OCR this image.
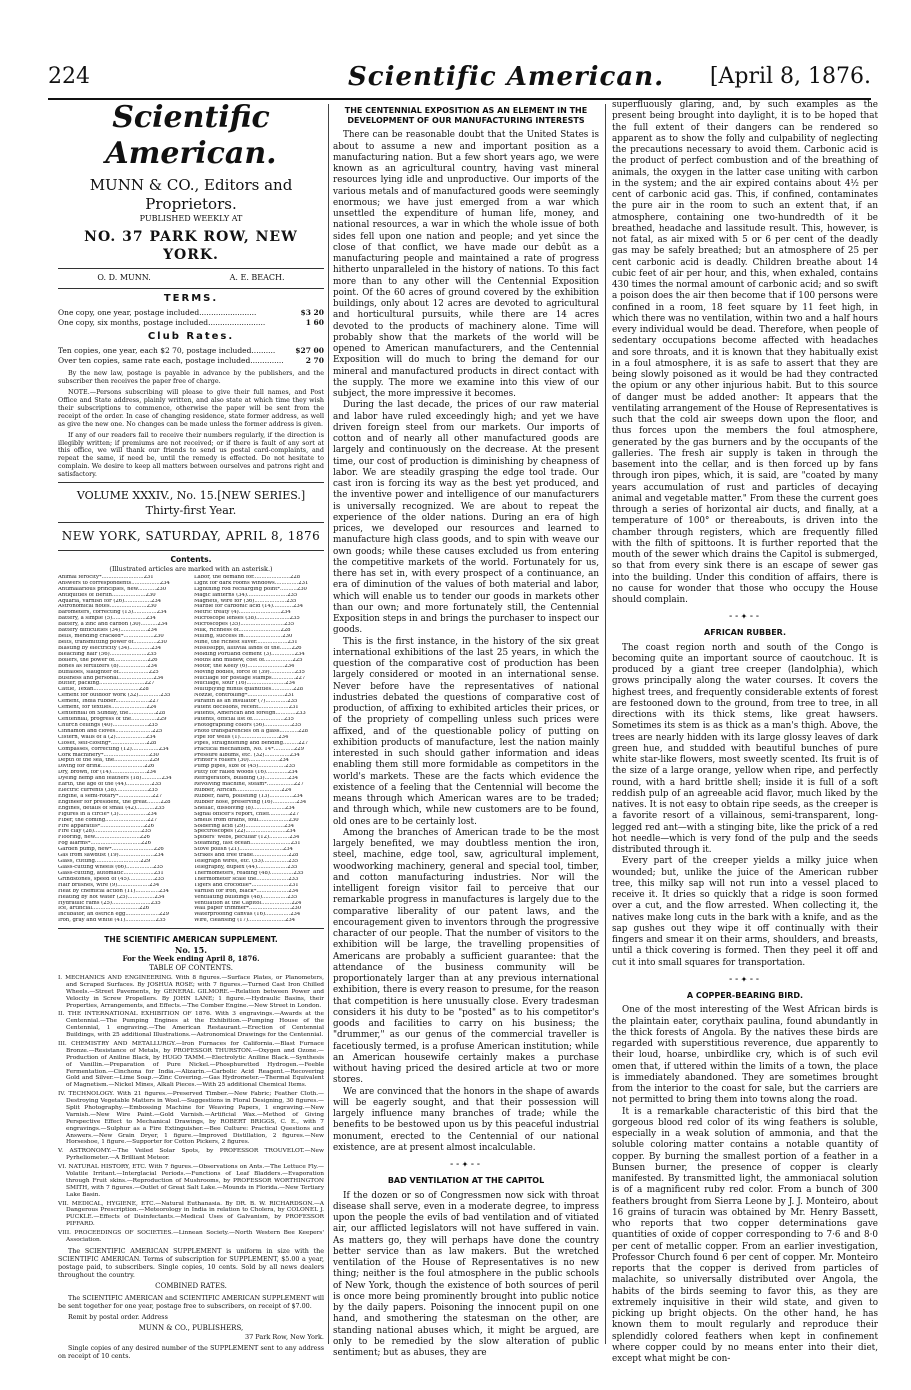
224	Scientific American. [April 8, 1876.
Scientific American.
MUNN & CO., Editors and Proprietors.
PUBLISHED WEEKLY AT
NO. 37 PARK ROW, NEW YORK.
O. D. MUNN.	A. E. BEACH.
TERMS.
One copy, one year, postage included........................	$3 20
One copy, six months, postage included........................	1 60
Club Rates.
Ten copies, one year, each $2 70, postage included..........	$27 00
Over ten copies, same rate each, postage included..............	2 70
By the new law, postage is payable in advance by the publishers, and the subscriber then receives the paper free of charge.
NOTE.—Persons subscribing will please to give their full names, and Post Office and State address, plainly written, and also state at which time they wish their subscriptions to commence, otherwise the paper will be sent from the receipt of the order. In case of changing residence, state former address, as well as give the new one. No changes can be made unless the former address is given.
If any of our readers fail to receive their numbers regularly, if the direction is illegibly written; if premiums are not received; or if there is fault of any sort at this office, we will thank our friends to send us postal card-complaints, and repeat the same, if need be, until the remedy is effected. Do not hesitate to complain. We desire to keep all matters between ourselves and patrons right and satisfactory.
VOLUME XXXIV., No. 15.[NEW SERIES.] Thirty-first Year.
NEW YORK, SATURDAY, APRIL 8, 1876
Contents.
(Illustrated articles are marked with an asterisk.)
Animal ferocity*.........................231
Answers to correspondents.................234
Antimalarious principles, new...........230
Antiquities of Berlin....................230
Aquaria, varnish for (26)................234
Astronomical notes......................230
Barometers, correcting (13)..............234
Battery, a simple (5)....................234
Battery, a zinc and carbon (30)..........234
Battery difficulties (34)................234
Bells, mending cracked*..................230
Belts, transmitting power of..............230
Blasting by electricity (34).............234
Bleaching hair (56)......................235
Boilers, the power of....................226
Bones as fertilizers (8).................234
Buffaloes, slaughter of..................225
Business and personal.....................234
Butter, packing...........................227
Cattle, Texan...........................228
Cement for outdoor work (32).............235
Cement, India rubber....................227
Cement, for textiles.....................224
Centennial on Sunday, the................228
Centennial, progress of the...............229
Church ceilings (40).....................235
Cinnamon and cloves......................225
Cistern, walls of a (2)..................234
Closet, self-closing*.....................228
Compasses, correcting (12)................234
Cork machinery*...........................230
Depth of the sea, the.....................229
Diving for drink..........................226
Dry, brown, for (14).....................234
Dyeing hemp and feathers (18)............234
Earth, the age of the (44)...............235
Electric currents (38)...................235
Engine, a semi-rotary*....................227
Engineer for president, the great........228
Engines, details of small (42)...........235
Figures in a circle* (3).................234
Fiber, the coming.........................227
Fire apparatus*..........................226
Fire clay (28)............................235
Flooring, new...........................226
Fog alarms*..............................226
Garden pump, new*.........................226
Gas from sawdust (19).....................234
Glass, cutting...........................229
Glass-cutting wheels (66)................235
Glass-cutting, automatic..................231
Grindstones, speed of (45)...............235
Hair brushes, wire (9)...................234
Heat by chemical action (11)..............234
Heating by hot water (25)................234
Hydraulic rams (25).......................235
Ice, artificial............................226
Incubator, an ostrich egg....................229
Iron, gray and white (41)..................235
Labor, the demand for......................228
Light for dark rooms windows..............231
Lightning rod recharging point*..........230
Magic lanterns (34)........................235
Magnets, wire for (36)...................235
Marble for carbonic acid (14)............234
Metric treaty (4).........................234
Microscope lenses (38)....................235
Microscopes (35)..........................235
Milk, richness of.........................228
Milling, success in.......................230
Mine, the richest silver...................231
Mississippi, alluvial lands of the.......226
Molding Portland cement (3)..............234
Moths and mildew, cost of.................225
Motor, the Keely (6)......................234
Moving bodies, force of (39)...............235
Mucilage for postage stamps..............227
Mucilage, sour (16).......................234
Multiplying minus quantities.............228
Nozzle, controlling*......................231
Paraffin as an insulator (7).............235
Patent decisions, recent..................231
Patents, American and foreign............233
Patents, official list of...................235
Photographing colors (56)................235
Photo transparencies on a glass...........228
Pipe for wells (1).......................234
Pipes, straightening and bending.........227
Practical mechanism, No. 14*............229
Pressure albums, etc. (32)...............234
Printer's rollers (30)..................234
Pump pipes, size of (45)................235
Putty for railed woods (16).............234
Refrigerators, building (3)..............234
Revolving machine, steam*................227
Rubber, African...........................224
Rubber, hard, polishing (13)..............234
Rubber hose, preserving (16)..............234
Shellac, dissolving (8)...................234
Signal officer's report, chief............227
Smells from drains, foul..................230
Soldering acid (29).......................234
Spectroscopes (22)........................234
Spiders' webs, peculiar (12)............234
Steaming, fast ocean........................231
Stove polish (21)..........................234
Strikes and free trade.....................228
Telegraph wires, etc. (53)...............235
Telegraphy, duplex (44)..................235
Thermometers, reading (48)..............235
Thermometer scale the...................233
Tigers and crocodile*......................231
Varnish for iron, black*...................234
Ventilating buildings (48)...............235
Ventilation at the Capitol..................224
Wall paper trimmer*.........................230
Waterproofing canvas (16)...............234
Wire, cleansing (17)......................234
THE SCIENTIFIC AMERICAN SUPPLEMENT.
No. 15.
For the Week ending April 8, 1876.
TABLE OF CONTENTS.
I. MECHANICS AND ENGINEERING. With 8 figures.—Surface Plates, or Planometers, and Scraped Surfaces. By JOSHUA ROSE; with 7 figures.—Turned Cast Iron Chilled Wheels.—Street Pavements, by GENERAL GILMORE.—Relation between Power and Velocity in Screw Propellers. By JOHN LANE; 1 figure.—Hydraulic Basins, their Properties, Arrangements, and Effects.—The Comber Engine.—New Street in London.
II. THE INTERNATIONAL EXHIBITION OF 1876. With 3 engravings.—Awards at the Centennial.—The Pumping Engines at the Exhibition.—Pumping House of the Centennial, 1 engraving.—The American Restaurant.—Erection of Centennial Buildings, with 25 additional Illustrations.—Astronomical Drawings for the Centennial.
III. CHEMISTRY AND METALLURGY.—Iron Furnaces for California.—Blast Furnace Bronze.—Resistance of Metals, by PROFESSOR THURSTON.—Oxygen and Ozone.—Production of Aniline Black, by HUGO TAMM.—Electrolytic Aniline Black.—Synthesis of Vanillin.—Preparation of Pure Nickel.—Phosphuretted Hydrogen.—Feeble Fermentation.—Cinchona for India.—Alizarin.—Carbolic Acid Reagent.—Recovering Gold and Silver.—Lime Soap.—Zinc Covering.—Gas Hydrometer.—Thermal Equivalent of Magnetism.—Nickel Mines, Alkali Pieces.—With 25 additional Chemical Items.
IV. TECHNOLOGY. With 21 figures.—Preserved Timber.—New Fabric; Feather Cloth.—Destroying Vegetable Matters in Wool.—Suggestions in Floral Designing, 30 figures.—Split Photography.—Embossing Machine for Weaving Papers, 1 engraving.—New Varnish.—New Wire Paint.—Gold Varnish.—Artificial Wax.—Method of Giving Perspective Effect to Mechanical Drawings, by ROBERT BRIGGS, C. E., with 7 engravings.—Sulphur as a Fire Extinguisher.—Bee Culture: Practical Questions and Answers.—New Grain Dryer, 1 figure.—Improved Distillation, 2 figures.—New Horseshoe, 1 figure.—Supporter for Cotton Pickers, 2 figures.
V. ASTRONOMY.—The Veiled Solar Spots, by PROFESSOR TROUVELOT.—New Pyrheliometer.—A Brilliant Meteor.
VI. NATURAL HISTORY, ETC. With 7 figures.—Observations on Ants.—The Lettuce Fly.—Volatile Irritant.—Interglacial Periods.—Functions of Leaf Bladders.—Evaporation through Fruit skins.—Reproduction of Mushrooms, by PROFESSOR WORTHINGTON SMITH, with 7 figures.—Outlet of Great Salt Lake.—Mounds in Florida.—New Tertiary Lake Basin.
VII. MEDICAL, HYGIENE, ETC.—Natural Euthanasia. By DR. B. W. RICHARDSON.—A Dangerous Prescription.—Meteorology in India in relation to Cholera, by COLONEL J. PUCKLE.—Effects of Disinfectants.—Medical Uses of Galvanism, by PROFESSOR PIFFARD.
VIII. PROCEEDINGS OF SOCIETIES.—Linnean Society.—North Western Bee Keepers' Association.
The SCIENTIFIC AMERICAN SUPPLEMENT is uniform in size with the SCIENTIFIC AMERICAN. Terms of subscription for SUPPLEMENT, $5.00 a year, postage paid, to subscribers. Single copies, 10 cents. Sold by all news dealers throughout the country.
COMBINED RATES.
The SCIENTIFIC AMERICAN and SCIENTIFIC AMERICAN SUPPLEMENT will be sent together for one year, postage free to subscribers, on receipt of $7.00.
Remit by postal order. Address
MUNN & CO., PUBLISHERS,
37 Park Row, New York.
Single copies of any desired number of the SUPPLEMENT sent to any address on receipt of 10 cents.
THE CENTENNIAL EXPOSITION AS AN ELEMENT IN THE DEVELOPMENT OF OUR MANUFACTURING INTERESTS

There can be reasonable doubt that the United States is about to assume a new and important position as a manufacturing nation. But a few short years ago, we were known as an agricultural country, having vast mineral resources lying idle and unproductive. Our imports of the various metals and of manufactured goods were seemingly enormous; we have just emerged from a war which unsettled the expenditure of human life, money, and national resources, a war in which the whole issue of both sides fell upon one nation and people; and yet since the close of that conflict, we have made our debût as a manufacturing people and maintained a rate of progress hitherto unparalleled in the history of nations. To this fact more than to any other will the Centennial Exposition point. Of the 60 acres of ground covered by the exhibition buildings, only about 12 acres are devoted to agricultural and horticultural pursuits, while there are 14 acres devoted to the products of machinery alone. Time will probably show that the markets of the world will be opened to American manufacturers, and the Centennial Exposition will do much to bring the demand for our mineral and manufactured products in direct contact with the supply. The more we examine into this view of our subject, the more impressive it becomes.

During the last decade, the prices of our raw material and labor have ruled exceedingly high; and yet we have driven foreign steel from our markets. Our imports of cotton and of nearly all other manufactured goods are largely and continuously on the decrease. At the present time, our cost of production is diminishing by cheapness of labor. We are steadily grasping the edge tool trade. Our cast iron is forcing its way as the best yet produced, and the inventive power and intelligence of our manufacturers is universally recognized. We are about to repeat the experience of the older nations. During an era of high prices, we developed our resources and learned to manufacture high class goods, and to spin with weave our own goods; while these causes excluded us from entering the competitive markets of the world. Fortunately for us, there has set in, with every prospect of a continuance, an era of diminution of the values of both material and labor, which will enable us to tender our goods in markets other than our own; and more fortunately still, the Centennial Exposition steps in and brings the purchaser to inspect our goods.

This is the first instance, in the history of the six great international exhibitions of the last 25 years, in which the question of the comparative cost of production has been largely considered or mooted in an international sense. Never before have the representatives of national industries debated the questions of comparative cost of production, of affixing to exhibited articles their prices, or of the propriety of compelling unless such prices were affixed, and of the questionable policy of putting on exhibition products of manufacture, lest the nation mainly interested in such should gather information and ideas enabling them still more formidable as competitors in the world's markets. These are the facts which evidence the existence of a feeling that the Centennial will become the means through which American wares are to be traded; and through which, while new customers are to be found, old ones are to be certainly lost.

Among the branches of American trade to be the most largely benefited, we may doubtless mention the iron, steel, machine, edge tool, saw, agricultural implement, woodworking machinery, general and special tool, timber, and cotton manufacturing industries. Nor will the intelligent foreign visitor fail to perceive that our remarkable progress in manufactures is largely due to the comparative liberality of our patent laws, and the encouragement given to inventors through the progressive character of our people. That the number of visitors to the exhibition will be large, the travelling propensities of Americans are probably a sufficient guarantee: that the attendance of the business community will be proportionately larger than at any previous international exhibition, there is every reason to presume, for the reason that competition is here unusually close. Every tradesman considers it his duty to be "posted" as to his competitor's goods and facilities to carry on his business; the "drummer," as our genus of the commercial traveller is facetiously termed, is a profuse American institution; while an American housewife certainly makes a purchase without having priced the desired article at two or more stores.

We are convinced that the honors in the shape of awards will be eagerly sought, and that their possession will largely influence many branches of trade; while the benefits to be bestowed upon us by this peaceful industrial monument, erected to the Centennial of our national existence, are at present almost incalculable.

⁃⁃✦⁃⁃
BAD VENTILATION AT THE CAPITOL

If the dozen or so of Congressmen now sick with throat disease shall serve, even in a moderate degree, to impress upon the people the evils of bad ventilation and of vitiated air, our afflicted legislators will not have suffered in vain. As matters go, they will perhaps have done the country better service than as law makers. But the wretched ventilation of the House of Representatives is no new thing; neither is the foul atmosphere in the public schools of New York, though the existence of both sources of peril is once more being prominently brought into public notice by the daily papers. Poisoning the innocent pupil on one hand, and smothering the statesman on the other, are standing national abuses which, it might be argued, are only to be remedied by the slow alteration of public sentiment; but as abuses, they are

superfluously glaring, and, by such examples as the present being brought into daylight, it is to be hoped that the full extent of their dangers can be rendered so apparent as to show the folly and culpability of neglecting the precautions necessary to avoid them. Carbonic acid is the product of perfect combustion and of the breathing of animals, the oxygen in the latter case uniting with carbon in the system; and the air expired contains about 4½ per cent of carbonic acid gas. This, if confined, contaminates the pure air in the room to such an extent that, if an atmosphere, containing one two-hundredth of it be breathed, headache and lassitude result. This, however, is not fatal, as air mixed with 5 or 6 per cent of the deadly gas may be safely breathed; but an atmosphere of 25 per cent carbonic acid is deadly. Children breathe about 14 cubic feet of air per hour, and this, when exhaled, contains 430 times the normal amount of carbonic acid; and so swift a poison does the air then become that if 100 persons were confined in a room, 18 feet square by 11 feet high, in which there was no ventilation, within two and a half hours every individual would be dead. Therefore, when people of sedentary occupations become affected with headaches and sore throats, and it is known that they habitually exist in a foul atmosphere, it is as safe to assert that they are being slowly poisoned as it would be had they contracted the opium or any other injurious habit. But to this source of danger must be added another: It appears that the ventilating arrangement of the House of Representatives is such that the cold air sweeps down upon the floor, and thus forces upon the members the foul atmosphere, generated by the gas burners and by the occupants of the galleries. The fresh air supply is taken in through the basement into the cellar, and is then forced up by fans through iron pipes, which, it is said, are "coated by many years accumulation of rust and particles of decaying animal and vegetable matter." From these the current goes through a series of horizontal air ducts, and finally, at a temperature of 100° or thereabouts, is driven into the chamber through registers, which are frequently filled with the filth of spittoons. It is further reported that the mouth of the sewer which drains the Capitol is submerged, so that from every sink there is an escape of sewer gas into the building. Under this condition of affairs, there is no cause for wonder that those who occupy the House should complain.

⁃⁃✦⁃⁃
AFRICAN RUBBER.

The coast region north and south of the Congo is becoming quite an important source of caoutchouc. It is produced by a giant tree creeper (landolphia), which grows principally along the water courses. It covers the highest trees, and frequently considerable extents of forest are festooned down to the ground, from tree to tree, in all directions with its thick stems, like great hawsers. Sometimes its stem is as thick as a man's thigh. Above, the trees are nearly hidden with its large glossy leaves of dark green hue, and studded with beautiful bunches of pure white star-like flowers, most sweetly scented. Its fruit is of the size of a large orange, yellow when ripe, and perfectly round, with a hard brittle shell; inside it is full of a soft reddish pulp of an agreeable acid flavor, much liked by the natives. It is not easy to obtain ripe seeds, as the creeper is a favorite resort of a villainous, semi-transparent, long-legged red ant—with a stinging bite, like the prick of a red hot needle—which is very fond of the pulp and the seeds distributed through it.

Every part of the creeper yields a milky juice when wounded; but, unlike the juice of the American rubber tree, this milky sap will not run into a vessel placed to receive it. It dries so quickly that a ridge is soon formed over a cut, and the flow arrested. When collecting it, the natives make long cuts in the bark with a knife, and as the sap gushes out they wipe it off continually with their fingers and smear it on their arms, shoulders, and breasts, until a thick covering is formed. Then they peel it off and cut it into small squares for transportation.

⁃⁃✦⁃⁃
A COPPER-BEARING BIRD.

One of the most interesting of the West African birds is the plaintain eater, corythaix paulina, found abundantly in the thick forests of Angola. By the natives these birds are regarded with superstitious reverence, due apparently to their loud, hoarse, unbirdlike cry, which is of such evil omen that, if uttered within the limits of a town, the place is immediately abandoned. They are sometimes brought from the interior to the coast for sale, but the carriers are not permitted to bring them into towns along the road.

It is a remarkable characteristic of this bird that the gorgeous blood red color of its wing feathers is soluble, especially in a weak solution of ammonia, and that the soluble coloring matter contains a notable quantity of copper. By burning the smallest portion of a feather in a Bunsen burner, the presence of copper is clearly manifested. By transmitted light, the ammoniacal solution is of a magnificent ruby red color. From a bunch of 300 feathers brought from Sierra Leone by J. J. Monteiro, about 16 grains of turacin was obtained by Mr. Henry Bassett, who reports that two copper determinations gave quantities of oxide of copper corresponding to 7·6 and 8·0 per cent of metallic copper. From an earlier investigation, Professor Church found 6 per cent of copper. Mr. Monteiro reports that the copper is derived from particles of malachite, so universally distributed over Angola, the habits of the birds seeming to favor this, as they are extremely inquisitive in their wild state, and given to picking up bright objects. On the other hand, he has known them to moult regularly and reproduce their splendidly colored feathers when kept in confinement where copper could by no means enter into their diet, except what might be con-
